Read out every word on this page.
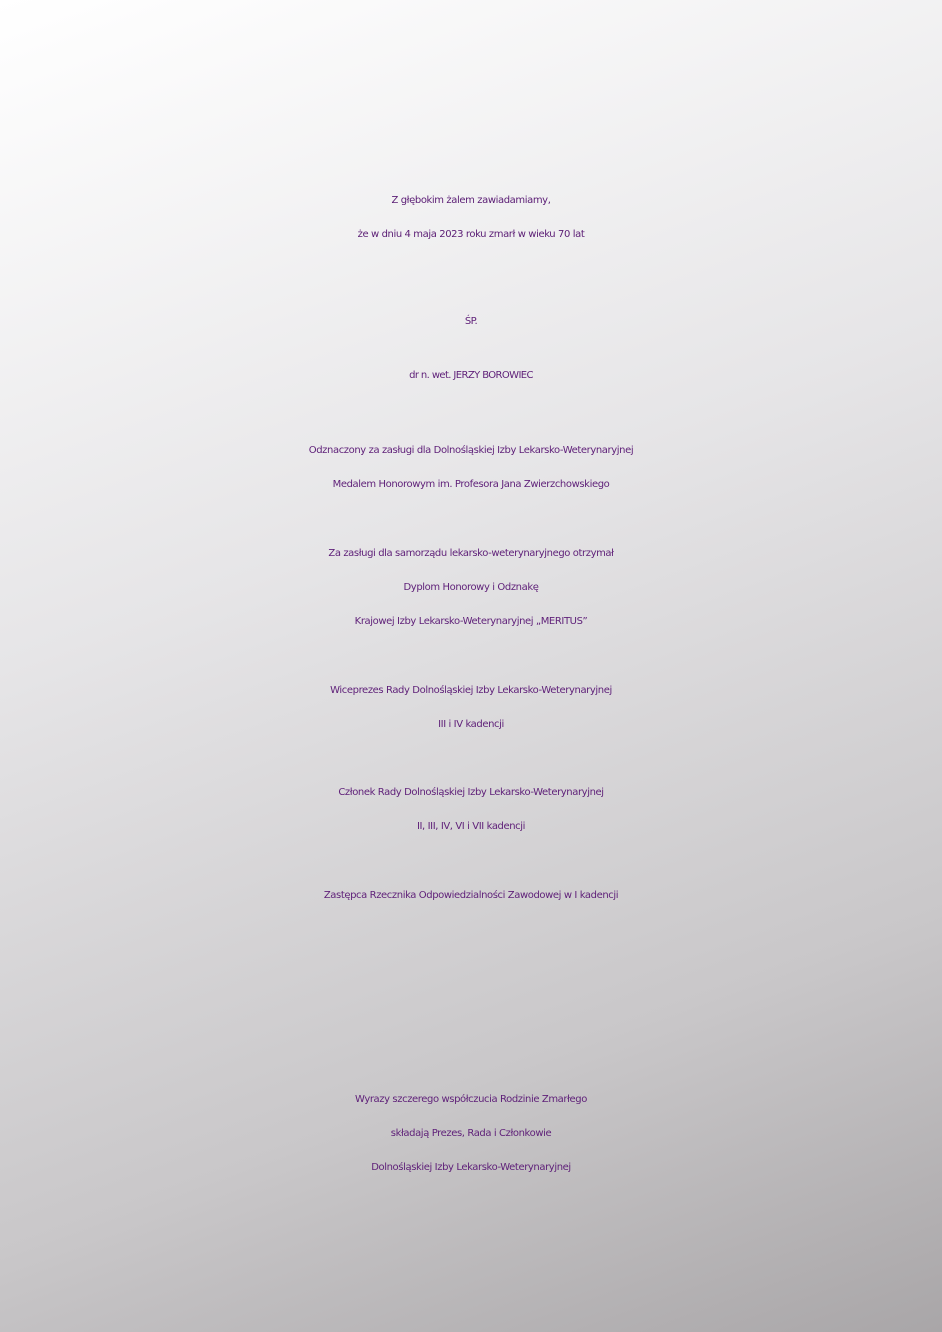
Z głębokim żalem zawiadamiamy,
że w dniu 4 maja 2023 roku zmarł w wieku 70 lat
ŚP.
dr n. wet. JERZY BOROWIEC
Odznaczony za zasługi dla Dolnośląskiej Izby Lekarsko-Weterynaryjnej
Medalem Honorowym im. Profesora Jana Zwierzchowskiego
Za zasługi dla samorządu lekarsko-weterynaryjnego otrzymał
Dyplom Honorowy i Odznakę
Krajowej Izby Lekarsko-Weterynaryjnej „MERITUS”
Wiceprezes Rady Dolnośląskiej Izby Lekarsko-Weterynaryjnej
III i IV kadencji
Członek Rady Dolnośląskiej Izby Lekarsko-Weterynaryjnej
II, III, IV, VI i VII kadencji
Zastępca Rzecznika Odpowiedzialności Zawodowej w I kadencji
Wyrazy szczerego współczucia Rodzinie Zmarłego
składają Prezes, Rada i Członkowie
Dolnośląskiej Izby Lekarsko-Weterynaryjnej
